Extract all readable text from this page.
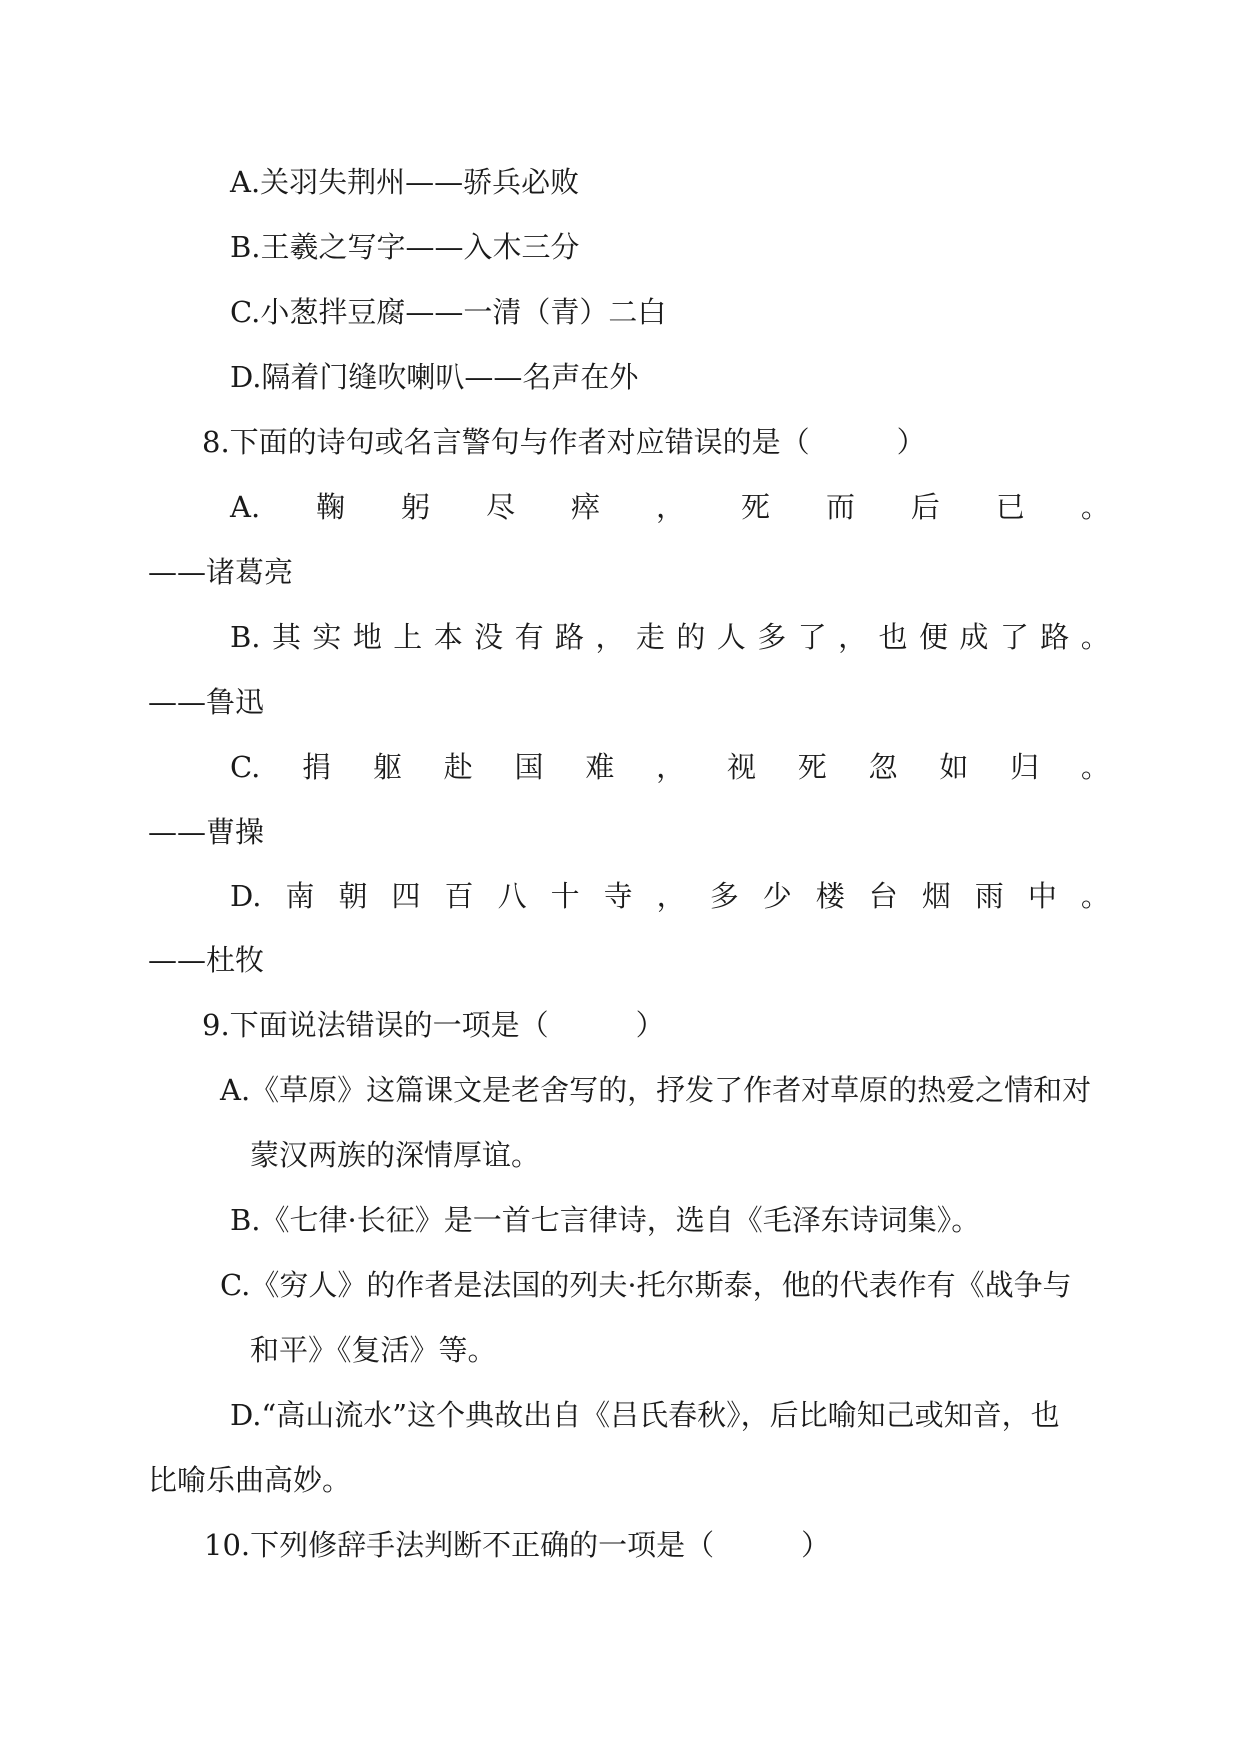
A.关羽失荆州——骄兵必败
B.王羲之写字——入木三分
C.小葱拌豆腐——一清（青）二白
D.隔着门缝吹喇叭——名声在外
8.下面的诗句或名言警句与作者对应错误的是（　　　）
A. 鞠 躬 尽 瘁 ， 死 而 后 已 。
——诸葛亮
B. 其 实 地 上 本 没 有 路 ， 走 的 人 多 了 ， 也 便 成 了 路 。
——鲁迅
C. 捐 躯 赴 国 难 ， 视 死 忽 如 归 。
——曹操
D. 南 朝 四 百 八 十 寺 ， 多 少 楼 台 烟 雨 中 。
——杜牧
9.下面说法错误的一项是（　　　）
A.《草原》这篇课文是老舍写的，抒发了作者对草原的热爱之情和对
蒙汉两族的深情厚谊。
B.《七律·长征》是一首七言律诗，选自《毛泽东诗词集》。
C.《穷人》的作者是法国的列夫·托尔斯泰，他的代表作有《战争与
和平》《复活》等。
D.“高山流水”这个典故出自《吕氏春秋》，后比喻知己或知音，也
比喻乐曲高妙。
10.下列修辞手法判断不正确的一项是（　　　）
